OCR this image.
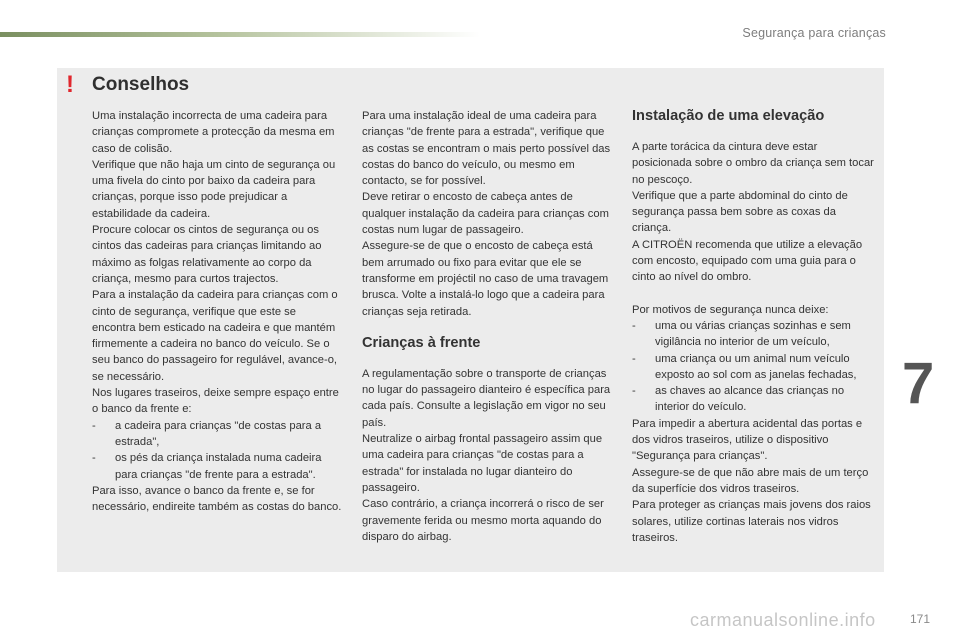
Segurança para crianças
! Conselhos

Uma instalação incorrecta de uma cadeira para crianças compromete a protecção da mesma em caso de colisão.

Verifique que não haja um cinto de segurança ou uma fivela do cinto por baixo da cadeira para crianças, porque isso pode prejudicar a estabilidade da cadeira.

Procure colocar os cintos de segurança ou os cintos das cadeiras para crianças limitando ao máximo as folgas relativamente ao corpo da criança, mesmo para curtos trajectos.

Para a instalação da cadeira para crianças com o cinto de segurança, verifique que este se encontra bem esticado na cadeira e que mantém firmemente a cadeira no banco do veículo. Se o seu banco do passageiro for regulável, avance-o, se necessário.

Nos lugares traseiros, deixe sempre espaço entre o banco da frente e:

-	a cadeira para crianças "de costas para a estrada",
-	os pés da criança instalada numa cadeira para crianças "de frente para a estrada".

Para isso, avance o banco da frente e, se for necessário, endireite também as costas do banco.

Para uma instalação ideal de uma cadeira para crianças "de frente para a estrada", verifique que as costas se encontram o mais perto possível das costas do banco do veículo, ou mesmo em contacto, se for possível.

Deve retirar o encosto de cabeça antes de qualquer instalação da cadeira para crianças com costas num lugar de passageiro.

Assegure-se de que o encosto de cabeça está bem arrumado ou fixo para evitar que ele se transforme em projéctil no caso de uma travagem brusca. Volte a instalá-lo logo que a cadeira para crianças seja retirada.

Crianças à frente

A regulamentação sobre o transporte de crianças no lugar do passageiro dianteiro é específica para cada país. Consulte a legislação em vigor no seu país.

Neutralize o airbag frontal passageiro assim que uma cadeira para crianças "de costas para a estrada" for instalada no lugar dianteiro do passageiro.

Caso contrário, a criança incorrerá o risco de ser gravemente ferida ou mesmo morta aquando do disparo do airbag.

Instalação de uma elevação

A parte torácica da cintura deve estar posicionada sobre o ombro da criança sem tocar no pescoço.

Verifique que a parte abdominal do cinto de segurança passa bem sobre as coxas da criança.

A CITROËN recomenda que utilize a elevação com encosto, equipado com uma guia para o cinto ao nível do ombro.

Por motivos de segurança nunca deixe:

-	uma ou várias crianças sozinhas e sem vigilância no interior de um veículo,
-	uma criança ou um animal num veículo exposto ao sol com as janelas fechadas,
-	as chaves ao alcance das crianças no interior do veículo.

Para impedir a abertura acidental das portas e dos vidros traseiros, utilize o dispositivo "Segurança para crianças".

Assegure-se de que não abre mais de um terço da superfície dos vidros traseiros.

Para proteger as crianças mais jovens dos raios solares, utilize cortinas laterais nos vidros traseiros.

7
carmanualsonline.info	171
